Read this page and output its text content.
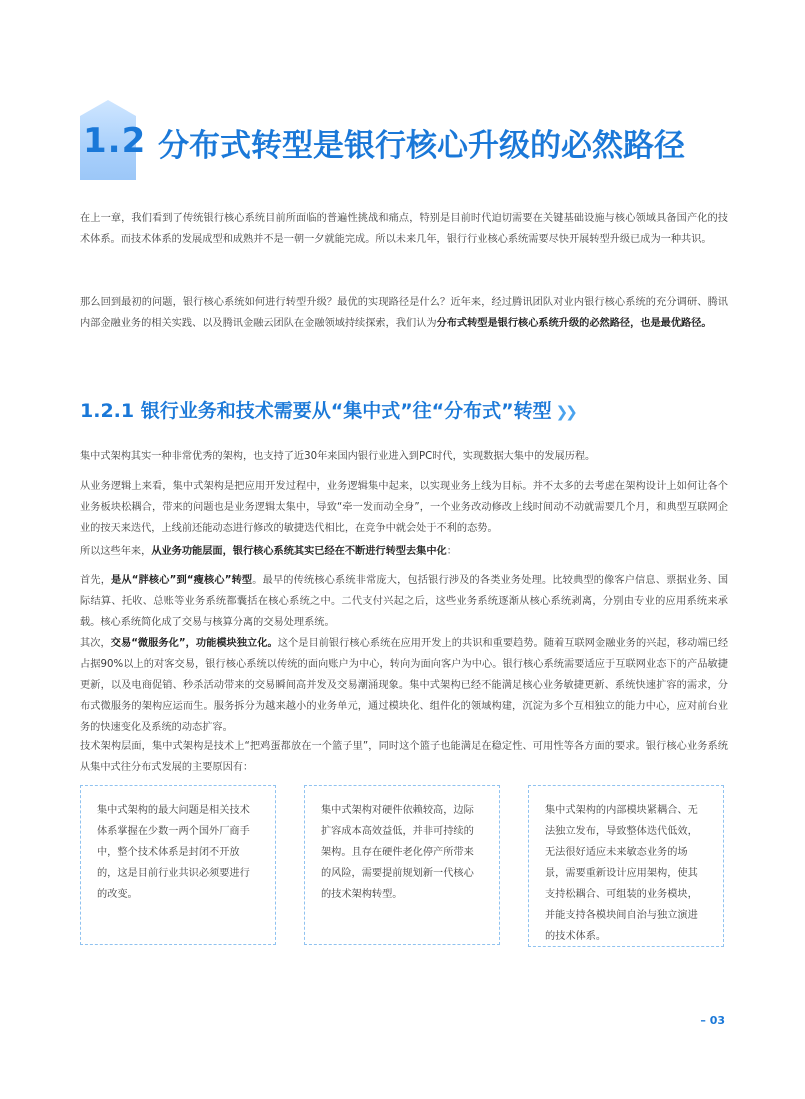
1.2 分布式转型是银行核心升级的必然路径

在上一章，我们看到了传统银行核心系统目前所面临的普遍性挑战和痛点，特别是目前时代迫切需要在关键基础设施与核心领域具备国产化的技术体系。而技术体系的发展成型和成熟并不是一朝一夕就能完成。所以未来几年，银行行业核心系统需要尽快开展转型升级已成为一种共识。

那么回到最初的问题，银行核心系统如何进行转型升级？最优的实现路径是什么？近年来，经过腾讯团队对业内银行核心系统的充分调研、腾讯内部金融业务的相关实践、以及腾讯金融云团队在金融领域持续探索，我们认为分布式转型是银行核心系统升级的必然路径，也是最优路径。

1.2.1 银行业务和技术需要从“集中式”往“分布式”转型 ❯❯

集中式架构其实一种非常优秀的架构，也支持了近30年来国内银行业进入到PC时代，实现数据大集中的发展历程。

从业务逻辑上来看，集中式架构是把应用开发过程中，业务逻辑集中起来，以实现业务上线为目标。并不太多的去考虑在架构设计上如何让各个业务板块松耦合，带来的问题也是业务逻辑太集中，导致“牵一发而动全身”，一个业务改动修改上线时间动不动就需要几个月，和典型互联网企业的按天来迭代，上线前还能动态进行修改的敏捷迭代相比，在竞争中就会处于不利的态势。

所以这些年来，从业务功能层面，银行核心系统其实已经在不断进行转型去集中化：

首先，是从“胖核心”到“瘦核心”转型。最早的传统核心系统非常庞大，包括银行涉及的各类业务处理。比较典型的像客户信息、票据业务、国际结算、托收、总账等业务系统都囊括在核心系统之中。二代支付兴起之后，这些业务系统逐渐从核心系统剥离，分别由专业的应用系统来承载。核心系统简化成了交易与核算分离的交易处理系统。

其次，交易“微服务化”，功能模块独立化。这个是目前银行核心系统在应用开发上的共识和重要趋势。随着互联网金融业务的兴起，移动端已经占据90%以上的对客交易，银行核心系统以传统的面向账户为中心，转向为面向客户为中心。银行核心系统需要适应于互联网业态下的产品敏捷更新，以及电商促销、秒杀活动带来的交易瞬间高并发及交易潮涌现象。集中式架构已经不能满足核心业务敏捷更新、系统快速扩容的需求，分布式微服务的架构应运而生。服务拆分为越来越小的业务单元，通过模块化、组件化的领域构建，沉淀为多个互相独立的能力中心，应对前台业务的快速变化及系统的动态扩容。

技术架构层面，集中式架构是技术上“把鸡蛋都放在一个篮子里”，同时这个篮子也能满足在稳定性、可用性等各方面的要求。银行核心业务系统从集中式往分布式发展的主要原因有：

集中式架构的最大问题是相关技术体系掌握在少数一两个国外厂商手中，整个技术体系是封闭不开放的，这是目前行业共识必须要进行的改变。
集中式架构对硬件依赖较高，边际扩容成本高效益低，并非可持续的架构。且存在硬件老化停产所带来的风险，需要提前规划新一代核心的技术架构转型。
集中式架构的内部模块紧耦合、无法独立发布，导致整体迭代低效，无法很好适应未来敏态业务的场景，需要重新设计应用架构，使其支持松耦合、可组装的业务模块，并能支持各模块间自治与独立演进的技术体系。
– 03
